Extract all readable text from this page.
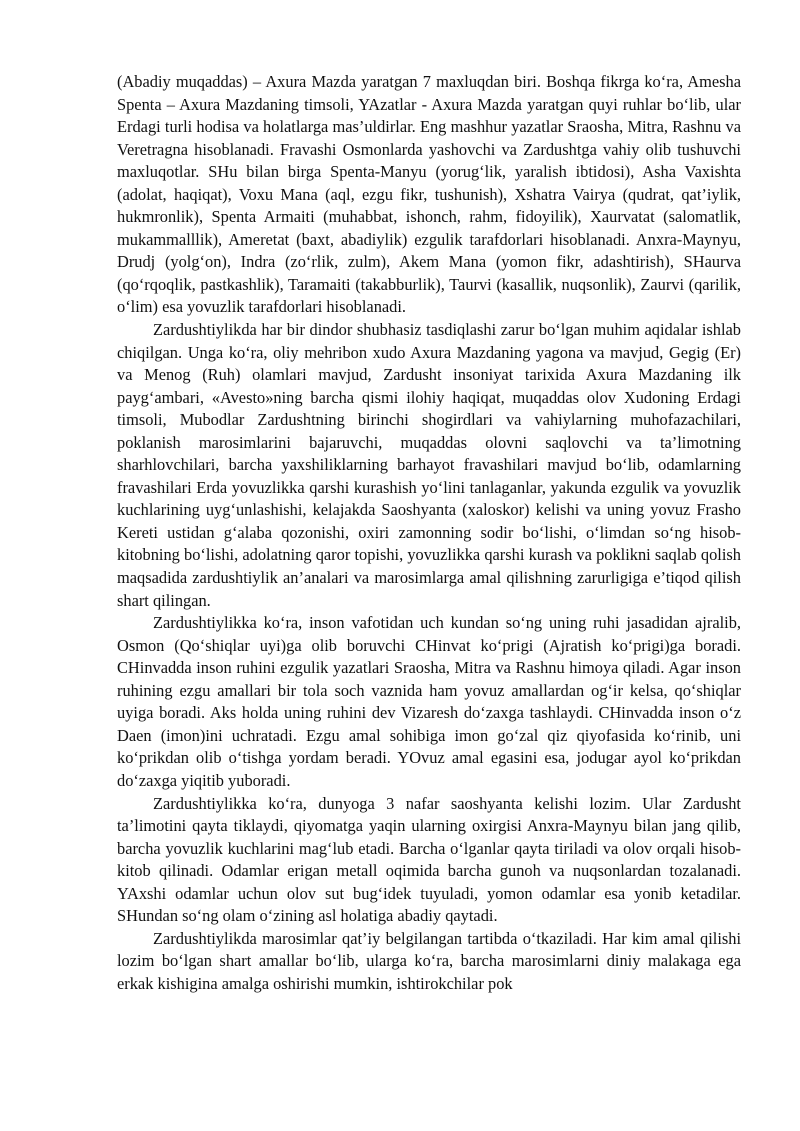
(Abadiy muqaddas) – Axura Mazda yaratgan 7 maxluqdan biri. Boshqa fikrga ko‘ra, Amesha Spenta – Axura Mazdaning timsoli, YAzatlar - Axura Mazda yaratgan quyi ruhlar bo‘lib, ular Erdagi turli hodisa va holatlarga mas’uldirlar. Eng mashhur yazatlar Sraosha, Mitra, Rashnu va Veretragna hisoblanadi. Fravashi Osmonlarda yashovchi va Zardushtga vahiy olib tushuvchi maxluqotlar. SHu bilan birga Spenta-Manyu (yorug‘lik, yaralish ibtidosi), Asha Vaxishta (adolat, haqiqat), Voxu Mana (aql, ezgu fikr, tushunish), Xshatra Vairya (qudrat, qat’iylik, hukmronlik), Spenta Armaiti (muhabbat, ishonch, rahm, fidoyilik), Xaurvatat (salomatlik, mukammalllik), Ameretat (baxt, abadiylik) ezgulik tarafdorlari hisoblanadi. Anxra-Maynyu, Drudj (yolg‘on), Indra (zo‘rlik, zulm), Akem Mana (yomon fikr, adashtirish), SHaurva (qo‘rqoqlik, pastkashlik), Taramaiti (takabburlik), Taurvi (kasallik, nuqsonlik), Zaurvi (qarilik, o‘lim) esa yovuzlik tarafdorlari hisoblanadi.

Zardushtiylikda har bir dindor shubhasiz tasdiqlashi zarur bo‘lgan muhim aqidalar ishlab chiqilgan. Unga ko‘ra, oliy mehribon xudo Axura Mazdaning yagona va mavjud, Gegig (Er) va Menog (Ruh) olamlari mavjud, Zardusht insoniyat tarixida Axura Mazdaning ilk payg‘ambari, «Avesto»ning barcha qismi ilohiy haqiqat, muqaddas olov Xudoning Erdagi timsoli, Mubodlar Zardushtning birinchi shogirdlari va vahiylarning muhofazachilari, poklanish marosimlarini bajaruvchi, muqaddas olovni saqlovchi va ta’limotning sharhlovchilari, barcha yaxshiliklarning barhayot fravashilari mavjud bo‘lib, odamlarning fravashilari Erda yovuzlikka qarshi kurashish yo‘lini tanlaganlar, yakunda ezgulik va yovuzlik kuchlarining uyg‘unlashishi, kelajakda Saoshyanta (xaloskor) kelishi va uning yovuz Frasho Kereti ustidan g‘alaba qozonishi, oxiri zamonning sodir bo‘lishi, o‘limdan so‘ng hisob-kitobning bo‘lishi, adolatning qaror topishi, yovuzlikka qarshi kurash va poklikni saqlab qolish maqsadida zardushtiylik an’analari va marosimlarga amal qilishning zarurligiga e’tiqod qilish shart qilingan.

Zardushtiylikka ko‘ra, inson vafotidan uch kundan so‘ng uning ruhi jasadidan ajralib, Osmon (Qo‘shiqlar uyi)ga olib boruvchi CHinvat ko‘prigi (Ajratish ko‘prigi)ga boradi. CHinvadda inson ruhini ezgulik yazatlari Sraosha, Mitra va Rashnu himoya qiladi. Agar inson ruhining ezgu amallari bir tola soch vaznida ham yovuz amallardan og‘ir kelsa, qo‘shiqlar uyiga boradi. Aks holda uning ruhini dev Vizaresh do‘zaxga tashlaydi. CHinvadda inson o‘z Daen (imon)ini uchratadi. Ezgu amal sohibiga imon go‘zal qiz qiyofasida ko‘rinib, uni ko‘prikdan olib o‘tishga yordam beradi. YOvuz amal egasini esa, jodugar ayol ko‘prikdan do‘zaxga yiqitib yuboradi.

Zardushtiylikka ko‘ra, dunyoga 3 nafar saoshyanta kelishi lozim. Ular Zardusht ta’limotini qayta tiklaydi, qiyomatga yaqin ularning oxirgisi Anxra-Maynyu bilan jang qilib, barcha yovuzlik kuchlarini mag‘lub etadi. Barcha o‘lganlar qayta tiriladi va olov orqali hisob-kitob qilinadi. Odamlar erigan metall oqimida barcha gunoh va nuqsonlardan tozalanadi. YAxshi odamlar uchun olov sut bug‘idek tuyuladi, yomon odamlar esa yonib ketadilar. SHundan so‘ng olam o‘zining asl holatiga abadiy qaytadi.

Zardushtiylikda marosimlar qat’iy belgilangan tartibda o‘tkaziladi. Har kim amal qilishi lozim bo‘lgan shart amallar bo‘lib, ularga ko‘ra, barcha marosimlarni diniy malakaga ega erkak kishigina amalga oshirishi mumkin, ishtirokchilar pok
